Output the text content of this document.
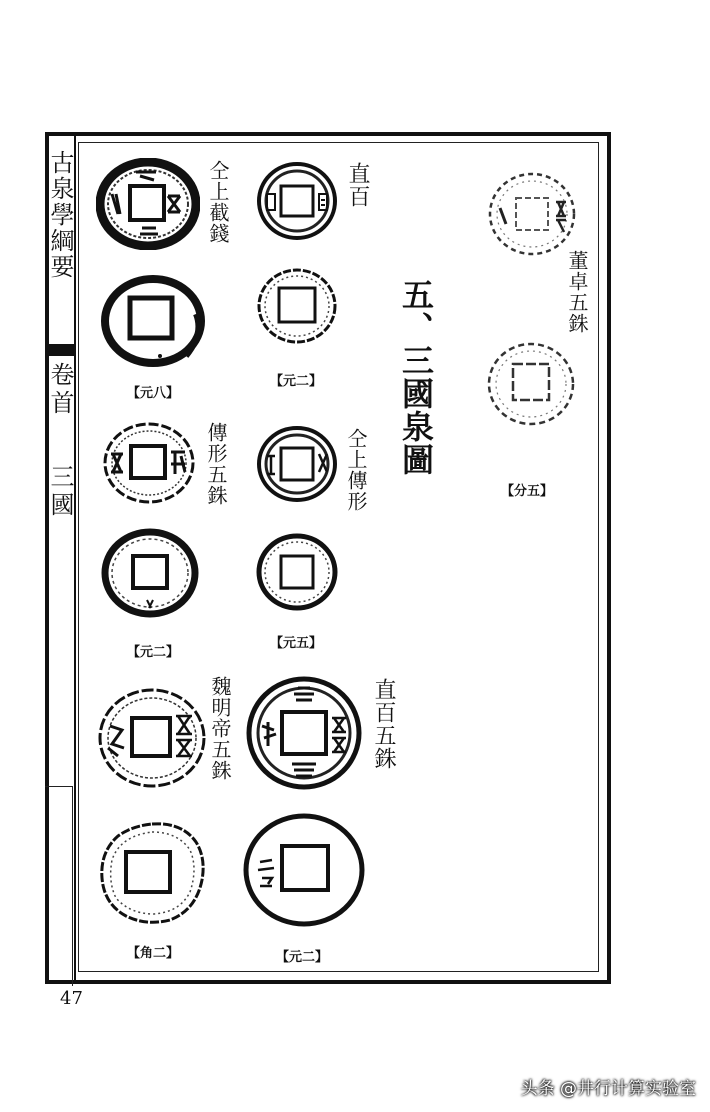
古泉學綱要
卷首
三國
五、三國泉圖
仝上截錢
【元八】
直百
【元二】
傳形五銖
【元二】
仝上傳形
【元五】
魏明帝五銖
【角二】
直百五銖
【元二】
董卓五銖
【分五】
47
头条 @井行计算实验室
